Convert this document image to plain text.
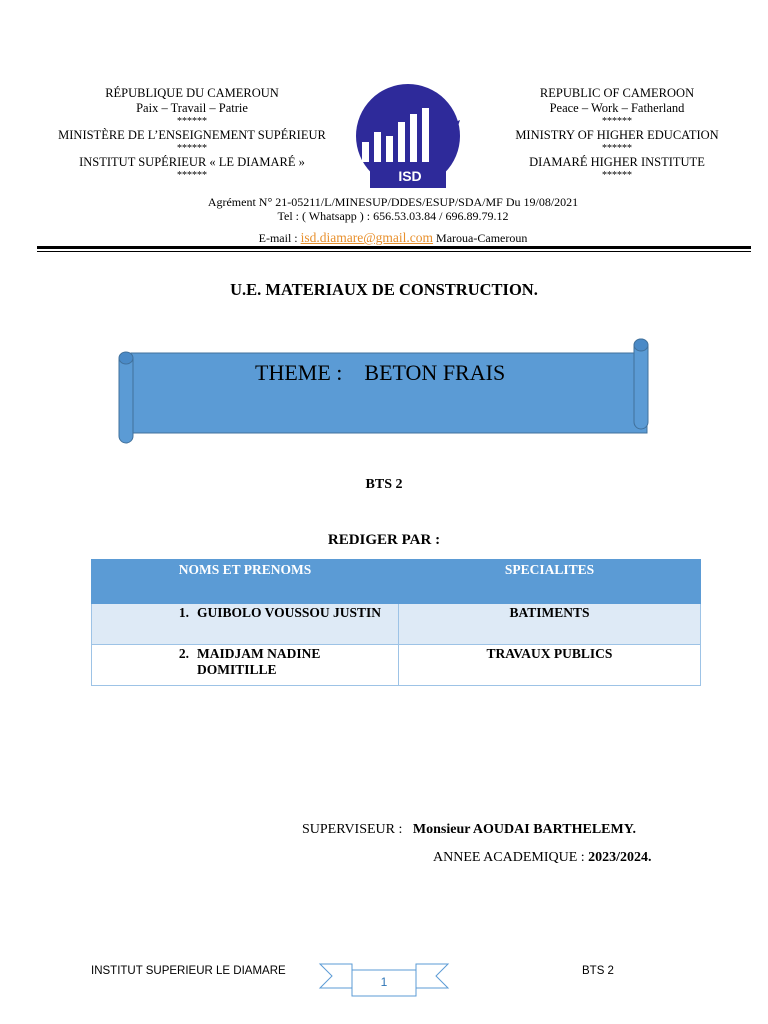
RÉPUBLIQUE DU CAMEROUN
Paix – Travail – Patrie
******
MINISTÈRE DE L’ENSEIGNEMENT SUPÉRIEUR
******
INSTITUT SUPÉRIEUR « LE DIAMARÉ »
******	ISD
REPUBLIC OF CAMEROON
Peace – Work – Fatherland
******
MINISTRY OF HIGHER EDUCATION
******
DIAMARÉ HIGHER INSTITUTE
******
Agrément N° 21-05211/L/MINESUP/DDES/ESUP/SDA/MF Du 19/08/2021
Tel : ( Whatsapp ) : 656.53.03.84 / 696.89.79.12
E-mail : isd.diamare@gmail.com Maroua-Cameroun
U.E. MATERIAUX DE CONSTRUCTION.
THEME : BETON FRAIS
BTS 2
REDIGER PAR :
NOMS ET PRENOMS	SPECIALITES
1. GUIBOLO VOUSSOU JUSTIN	BATIMENTS
2. MAIDJAM NADINE DOMITILLE	TRAVAUX PUBLICS
SUPERVISEUR : Monsieur AOUDAI BARTHELEMY.
ANNEE ACADEMIQUE : 2023/2024.
INSTITUT SUPERIEUR LE DIAMARE
1
BTS 2
